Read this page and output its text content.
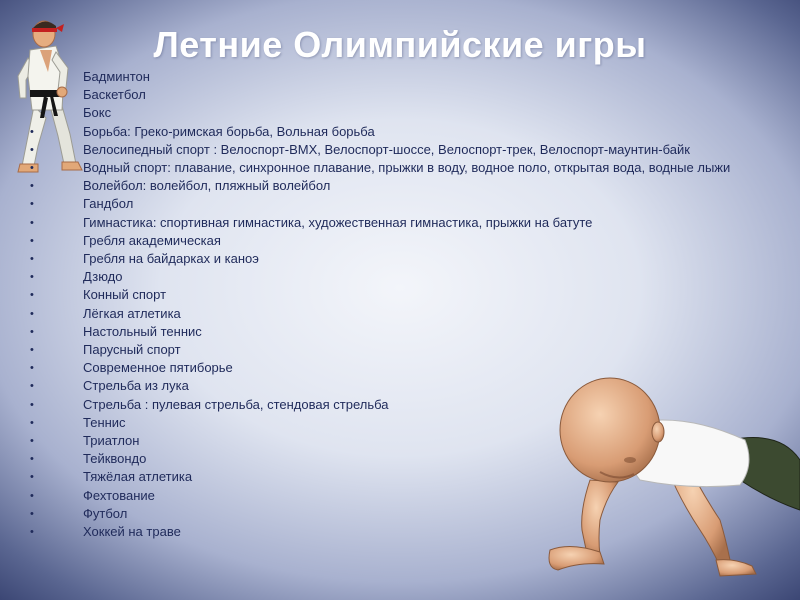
Летние Олимпийские игры
Бадминтон
Баскетбол
Бокс
• Борьба: Греко-римская борьба, Вольная борьба
• Велосипедный спорт : Велоспорт-ВМХ, Велоспорт-шоссе, Велоспорт-трек, Велоспорт-маунтин-байк
• Водный спорт: плавание, синхронное плавание, прыжки в воду, водное поло, открытая вода, водные лыжи
• Волейбол: волейбол, пляжный волейбол
• Гандбол
• Гимнастика: спортивная гимнастика, художественная гимнастика, прыжки на батуте
• Гребля академическая
• Гребля на байдарках и каноэ
• Дзюдо
• Конный спорт
• Лёгкая атлетика
• Настольный теннис
• Парусный спорт
• Современное пятиборье
• Стрельба из лука
• Стрельба : пулевая стрельба, стендовая стрельба
• Теннис
• Триатлон
• Тейквондо
• Тяжёлая атлетика
• Фехтование
• Футбол
• Хоккей на траве
